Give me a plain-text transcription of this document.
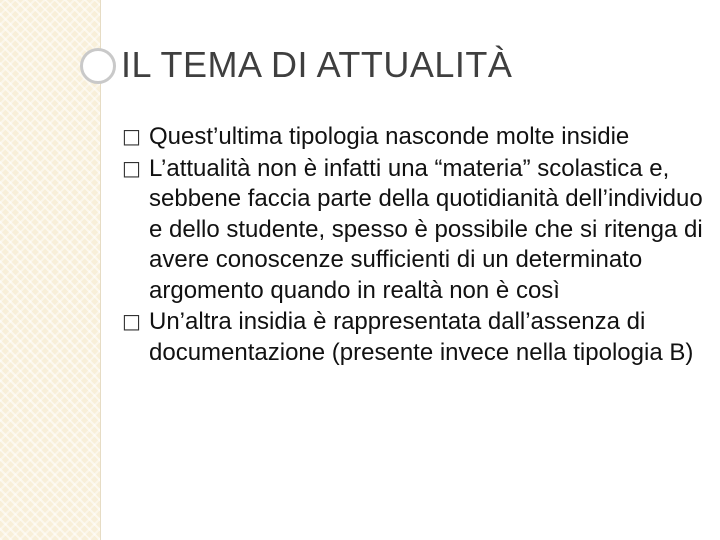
IL TEMA DI ATTUALITÀ
□ Quest’ultima tipologia nasconde molte insidie
□ L’attualità non è infatti una “materia” scolastica e, sebbene faccia parte della quotidianità dell’individuo e dello studente, spesso è possibile che si ritenga di avere conoscenze sufficienti di un determinato argomento quando in realtà non è così
□ Un’altra insidia è rappresentata dall’assenza di documentazione (presente invece nella tipologia B)
